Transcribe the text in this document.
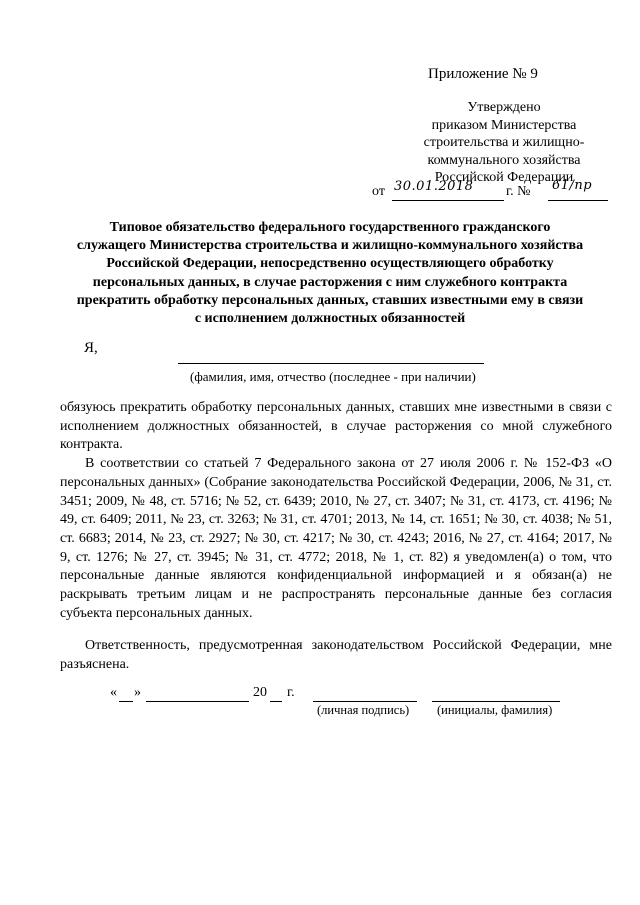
Приложение № 9
Утверждено
приказом Министерства
строительства и жилищно-
коммунального хозяйства
Российской Федерации
от 30.01.2018 г. № 61/пр
Типовое обязательство федерального государственного гражданского
служащего Министерства строительства и жилищно-коммунального хозяйства
Российской Федерации, непосредственно осуществляющего обработку
персональных данных, в случае расторжения с ним служебного контракта
прекратить обработку персональных данных, ставших известными ему в связи
с исполнением должностных обязанностей
Я,
(фамилия, имя, отчество (последнее - при наличии)

обязуюсь прекратить обработку персональных данных, ставших мне известными в связи с исполнением должностных обязанностей, в случае расторжения со мной служебного контракта.

В соответствии со статьей 7 Федерального закона от 27 июля 2006 г. № 152-ФЗ «О персональных данных» (Собрание законодательства Российской Федерации, 2006, № 31, ст. 3451; 2009, № 48, ст. 5716; № 52, ст. 6439; 2010, № 27, ст. 3407; № 31, ст. 4173, ст. 4196; № 49, ст. 6409; 2011, № 23, ст. 3263; № 31, ст. 4701; 2013, № 14, ст. 1651; № 30, ст. 4038; № 51, ст. 6683; 2014, № 23, ст. 2927; № 30, ст. 4217; № 30, ст. 4243; 2016, № 27, ст. 4164; 2017, № 9, ст. 1276; № 27, ст. 3945; № 31, ст. 4772; 2018, № 1, ст. 82) я уведомлен(а) о том, что персональные данные являются конфиденциальной информацией и я обязан(а) не раскрывать третьим лицам и не распространять персональные данные без согласия субъекта персональных данных.

Ответственность, предусмотренная законодательством Российской Федерации, мне разъяснена.

« »	20 г.
(личная подпись) (инициалы, фамилия)
